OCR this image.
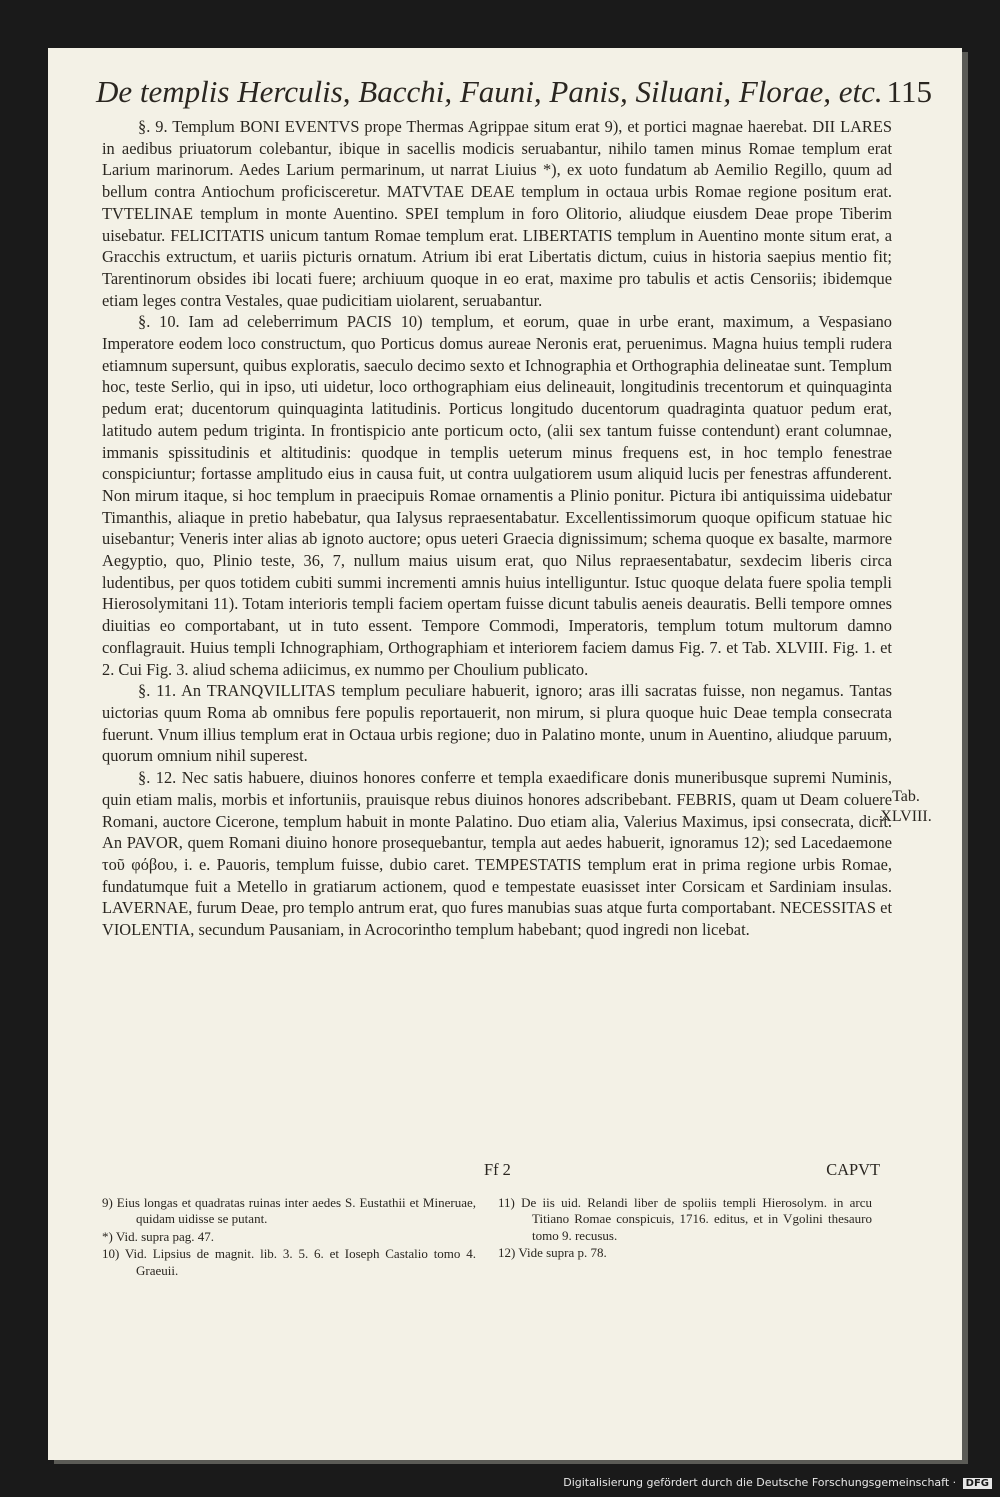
De templis Herculis, Bacchi, Fauni, Panis, Siluani, Florae, etc. 115

§. 9. Templum BONI EVENTVS prope Thermas Agrippae situm erat 9), et portici magnae haerebat. DII LARES in aedibus priuatorum colebantur, ibique in sacellis modicis seruabantur, nihilo tamen minus Romae templum erat Larium marinorum. Aedes Larium permarinum, ut narrat Liuius *), ex uoto fundatum ab Aemilio Regillo, quum ad bellum contra Antiochum proficisceretur. MATVTAE DEAE templum in octaua urbis Romae regione positum erat. TVTELINAE templum in monte Auentino. SPEI templum in foro Olitorio, aliudque eiusdem Deae prope Tiberim uisebatur. FELICITATIS unicum tantum Romae templum erat. LIBERTATIS templum in Auentino monte situm erat, a Gracchis extructum, et uariis picturis ornatum. Atrium ibi erat Libertatis dictum, cuius in historia saepius mentio fit; Tarentinorum obsides ibi locati fuere; archiuum quoque in eo erat, maxime pro tabulis et actis Censoriis; ibidemque etiam leges contra Vestales, quae pudicitiam uiolarent, seruabantur.

§. 10. Iam ad celeberrimum PACIS 10) templum, et eorum, quae in urbe erant, maximum, a Vespasiano Imperatore eodem loco constructum, quo Porticus domus aureae Neronis erat, peruenimus. Magna huius templi rudera etiamnum supersunt, quibus exploratis, saeculo decimo sexto et Ichnographia et Orthographia delineatae sunt. Templum hoc, teste Serlio, qui in ipso, uti uidetur, loco orthographiam eius delineauit, longitudinis trecentorum et quinquaginta pedum erat; ducentorum quinquaginta latitudinis. Porticus longitudo ducentorum quadraginta quatuor pedum erat, latitudo autem pedum triginta. In frontispicio ante porticum octo, (alii sex tantum fuisse contendunt) erant columnae, immanis spissitudinis et altitudinis: quodque in templis ueterum minus frequens est, in hoc templo fenestrae conspiciuntur; fortasse amplitudo eius in causa fuit, ut contra uulgatiorem usum aliquid lucis per fenestras affunderent. Non mirum itaque, si hoc templum in praecipuis Romae ornamentis a Plinio ponitur. Pictura ibi antiquissima uidebatur Timanthis, aliaque in pretio habebatur, qua Ialysus repraesentabatur. Excellentissimorum quoque opificum statuae hic uisebantur; Veneris inter alias ab ignoto auctore; opus ueteri Graecia dignissimum; schema quoque ex basalte, marmore Aegyptio, quo, Plinio teste, 36, 7, nullum maius uisum erat, quo Nilus repraesentabatur, sexdecim liberis circa ludentibus, per quos totidem cubiti summi incrementi amnis huius intelliguntur. Istuc quoque delata fuere spolia templi Hierosolymitani 11). Totam interioris templi faciem opertam fuisse dicunt tabulis aeneis deauratis. Belli tempore omnes diuitias eo comportabant, ut in tuto essent. Tempore Commodi, Imperatoris, templum totum multorum damno conflagrauit. Huius templi Ichnographiam, Orthographiam et interiorem faciem damus Fig. 7. et Tab. XLVIII. Fig. 1. et 2. Cui Fig. 3. aliud schema adiicimus, ex nummo per Choulium publicato.

§. 11. An TRANQVILLITAS templum peculiare habuerit, ignoro; aras illi sacratas fuisse, non negamus. Tantas uictorias quum Roma ab omnibus fere populis reportauerit, non mirum, si plura quoque huic Deae templa consecrata fuerunt. Vnum illius templum erat in Octaua urbis regione; duo in Palatino monte, unum in Auentino, aliudque paruum, quorum omnium nihil superest.

§. 12. Nec satis habuere, diuinos honores conferre et templa exaedificare donis muneribusque supremi Numinis, quin etiam malis, morbis et infortuniis, prauisque rebus diuinos honores adscribebant. FEBRIS, quam ut Deam coluere Romani, auctore Cicerone, templum habuit in monte Palatino. Duo etiam alia, Valerius Maximus, ipsi consecrata, dicit. An PAVOR, quem Romani diuino honore prosequebantur, templa aut aedes habuerit, ignoramus 12); sed Lacedaemone τοῦ φόβου, i. e. Pauoris, templum fuisse, dubio caret. TEMPESTATIS templum erat in prima regione urbis Romae, fundatumque fuit a Metello in gratiarum actionem, quod e tempestate euasisset inter Corsicam et Sardiniam insulas. LAVERNAE, furum Deae, pro templo antrum erat, quo fures manubias suas atque furta comportabant. NECESSITAS et VIOLENTIA, secundum Pausaniam, in Acrocorintho templum habebant; quod ingredi non licebat.

Tab.
XLVIII.
Ff 2	CAPVT

9) Eius longas et quadratas ruinas inter aedes S. Eustathii et Mineruae, quidam uidisse se putant.

*) Vid. supra pag. 47.

10) Vid. Lipsius de magnit. lib. 3. 5. 6. et Ioseph Castalio tomo 4. Graeuii.

11) De iis uid. Relandi liber de spoliis templi Hierosolym. in arcu Titiano Romae conspicuis, 1716. editus, et in Vgolini thesauro tomo 9. recusus.

12) Vide supra p. 78.

Digitalisierung gefördert durch die Deutsche Forschungsgemeinschaft · DFG
